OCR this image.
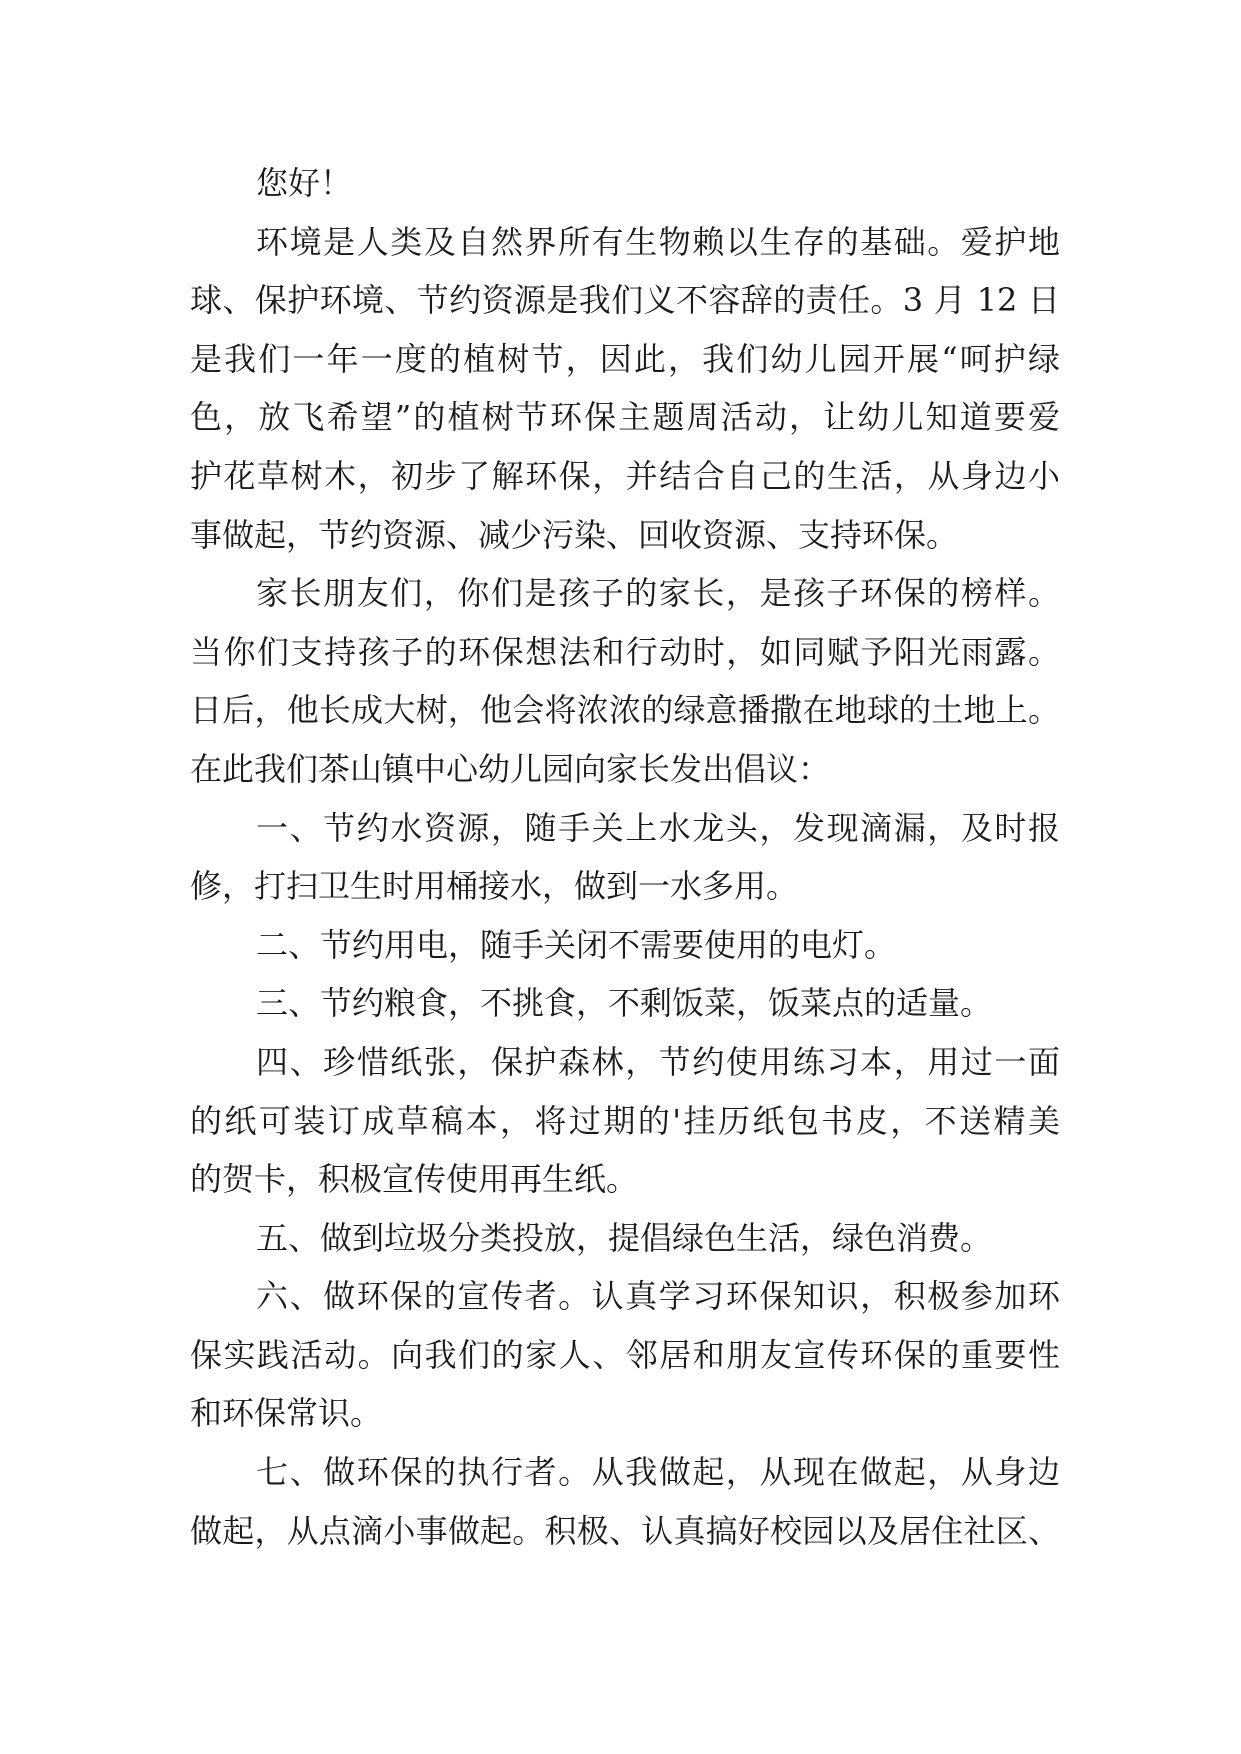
您好！
环境是人类及自然界所有生物赖以生存的基础。爱护地
球、保护环境、节约资源是我们义不容辞的责任。3 月 12 日
是我们一年一度的植树节，因此，我们幼儿园开展“呵护绿
色，放飞希望”的植树节环保主题周活动，让幼儿知道要爱
护花草树木，初步了解环保，并结合自己的生活，从身边小
事做起，节约资源、减少污染、回收资源、支持环保。
家长朋友们，你们是孩子的家长，是孩子环保的榜样。
当你们支持孩子的环保想法和行动时，如同赋予阳光雨露。
日后，他长成大树，他会将浓浓的绿意播撒在地球的土地上。
在此我们茶山镇中心幼儿园向家长发出倡议：
一、节约水资源，随手关上水龙头，发现滴漏，及时报
修，打扫卫生时用桶接水，做到一水多用。
二、节约用电，随手关闭不需要使用的电灯。
三、节约粮食，不挑食，不剩饭菜，饭菜点的适量。
四、珍惜纸张，保护森林，节约使用练习本，用过一面
的纸可装订成草稿本，将过期的'挂历纸包书皮，不送精美
的贺卡，积极宣传使用再生纸。
五、做到垃圾分类投放，提倡绿色生活，绿色消费。
六、做环保的宣传者。认真学习环保知识，积极参加环
保实践活动。向我们的家人、邻居和朋友宣传环保的重要性
和环保常识。
七、做环保的执行者。从我做起，从现在做起，从身边
做起，从点滴小事做起。积极、认真搞好校园以及居住社区、
